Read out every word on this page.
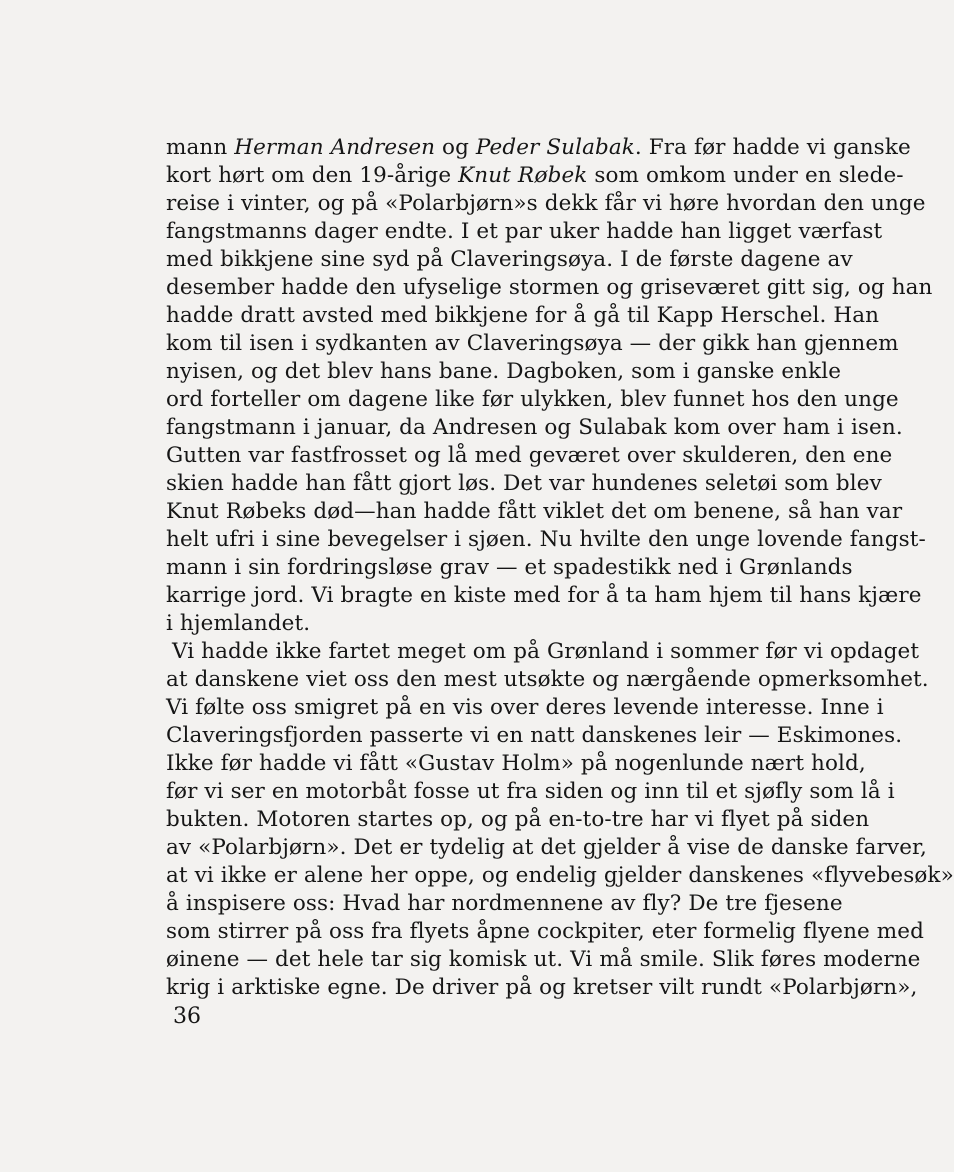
mann Herman Andresen og Peder Sulabak. Fra før hadde vi ganske
kort hørt om den 19-årige Knut Røbek som omkom under en slede-
reise i vinter, og på «Polarbjørn»s dekk får vi høre hvordan den unge
fangstmanns dager endte. I et par uker hadde han ligget værfast
med bikkjene sine syd på Claveringsøya. I de første dagene av
desember hadde den ufyselige stormen og griseværet gitt sig, og han
hadde dratt avsted med bikkjene for å gå til Kapp Herschel. Han
kom til isen i sydkanten av Claveringsøya — der gikk han gjennem
nyisen, og det blev hans bane. Dagboken, som i ganske enkle
ord forteller om dagene like før ulykken, blev funnet hos den unge
fangstmann i januar, da Andresen og Sulabak kom over ham i isen.
Gutten var fastfrosset og lå med geværet over skulderen, den ene
skien hadde han fått gjort løs. Det var hundenes seletøi som blev
Knut Røbeks død—han hadde fått viklet det om benene, så han var
helt ufri i sine bevegelser i sjøen. Nu hvilte den unge lovende fangst-
mann i sin fordringsløse grav — et spadestikk ned i Grønlands
karrige jord. Vi bragte en kiste med for å ta ham hjem til hans kjære
i hjemlandet.
Vi hadde ikke fartet meget om på Grønland i sommer før vi opdaget
at danskene viet oss den mest utsøkte og nærgående opmerksomhet.
Vi følte oss smigret på en vis over deres levende interesse. Inne i
Claveringsfjorden passerte vi en natt danskenes leir — Eskimones.
Ikke før hadde vi fått «Gustav Holm» på nogenlunde nært hold,
før vi ser en motorbåt fosse ut fra siden og inn til et sjøfly som lå i
bukten. Motoren startes op, og på en-to-tre har vi flyet på siden
av «Polarbjørn». Det er tydelig at det gjelder å vise de danske farver,
at vi ikke er alene her oppe, og endelig gjelder danskenes «flyvebesøk»
å inspisere oss: Hvad har nordmennene av fly? De tre fjesene
som stirrer på oss fra flyets åpne cockpiter, eter formelig flyene med
øinene — det hele tar sig komisk ut. Vi må smile. Slik føres moderne
krig i arktiske egne. De driver på og kretser vilt rundt «Polarbjørn»,
36
